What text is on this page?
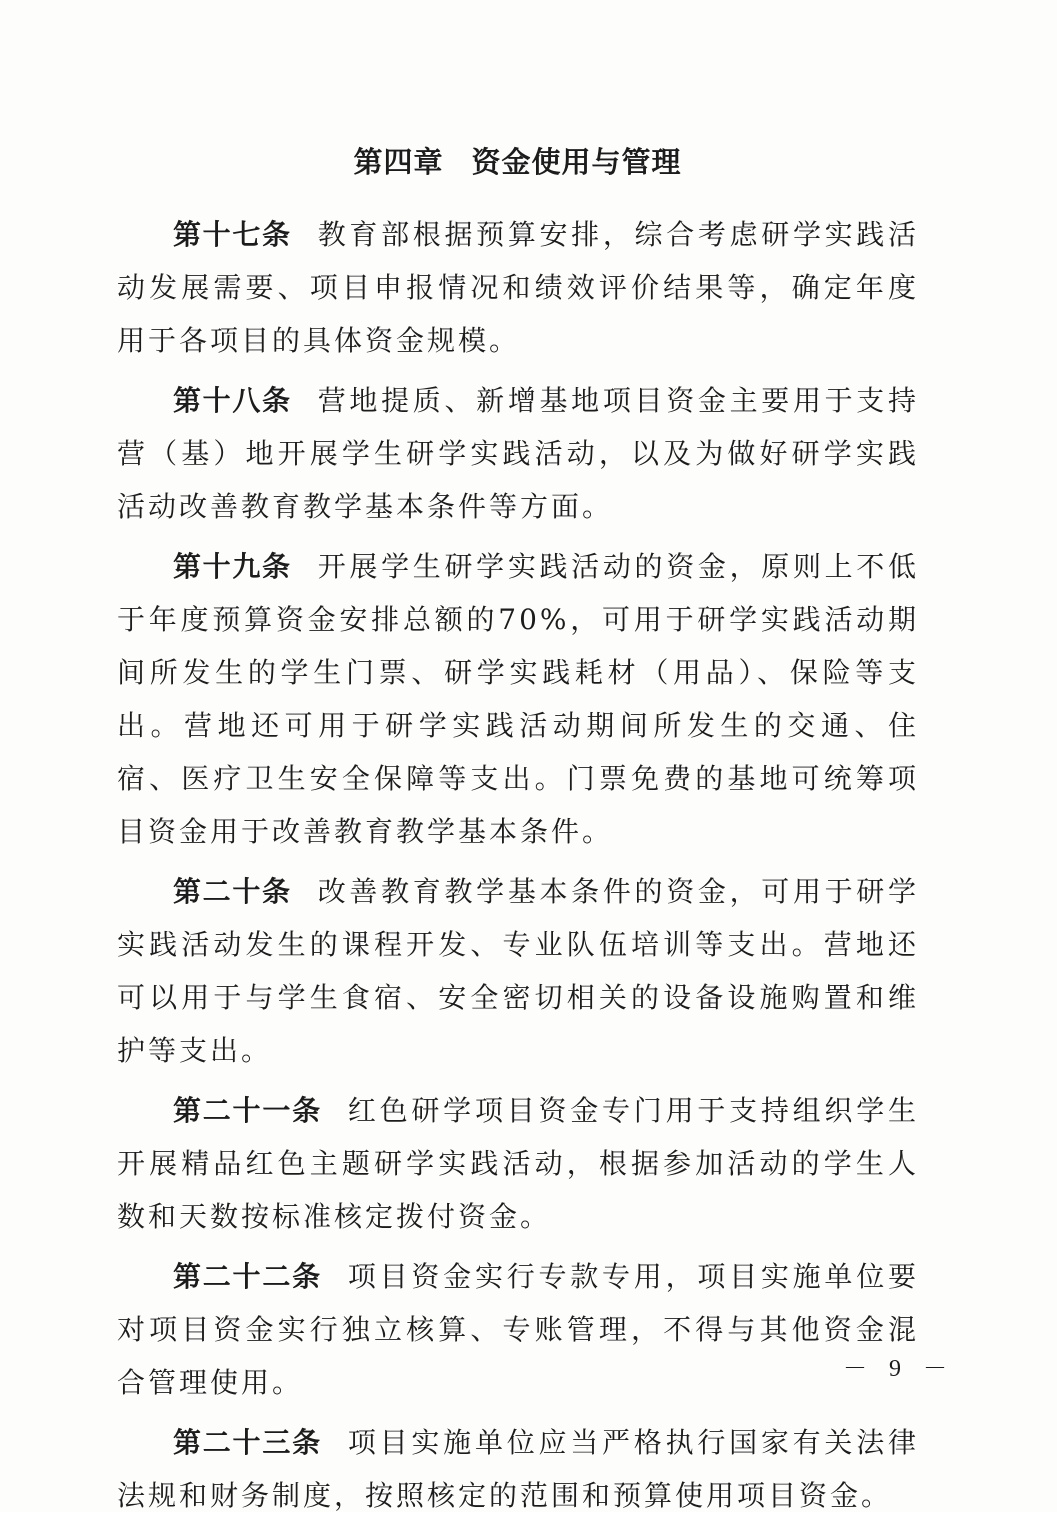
第四章 资金使用与管理

第十七条 教育部根据预算安排，综合考虑研学实践活动发展需要、项目申报情况和绩效评价结果等，确定年度用于各项目的具体资金规模。

第十八条 营地提质、新增基地项目资金主要用于支持营（基）地开展学生研学实践活动，以及为做好研学实践活动改善教育教学基本条件等方面。

第十九条 开展学生研学实践活动的资金，原则上不低于年度预算资金安排总额的70%，可用于研学实践活动期间所发生的学生门票、研学实践耗材（用品）、保险等支出。营地还可用于研学实践活动期间所发生的交通、住宿、医疗卫生安全保障等支出。门票免费的基地可统筹项目资金用于改善教育教学基本条件。

第二十条 改善教育教学基本条件的资金，可用于研学实践活动发生的课程开发、专业队伍培训等支出。营地还可以用于与学生食宿、安全密切相关的设备设施购置和维护等支出。

第二十一条 红色研学项目资金专门用于支持组织学生开展精品红色主题研学实践活动，根据参加活动的学生人数和天数按标准核定拨付资金。

第二十二条 项目资金实行专款专用，项目实施单位要对项目资金实行独立核算、专账管理，不得与其他资金混合管理使用。

第二十三条 项目实施单位应当严格执行国家有关法律法规和财务制度，按照核定的范围和预算使用项目资金。

－ 9 －
